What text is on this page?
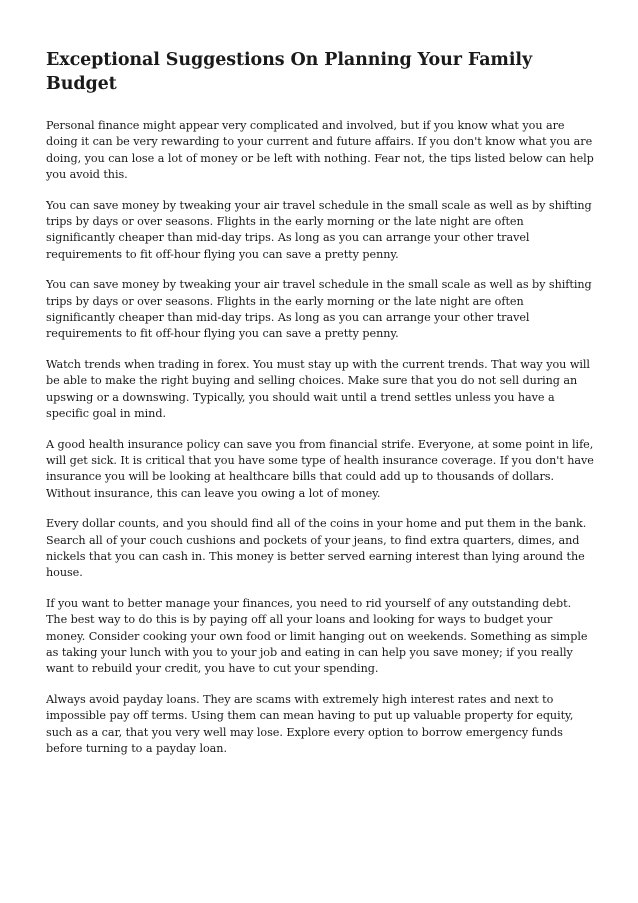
Exceptional Suggestions On Planning Your Family Budget

Personal finance might appear very complicated and involved, but if you know what you are doing it can be very rewarding to your current and future affairs. If you don't know what you are doing, you can lose a lot of money or be left with nothing. Fear not, the tips listed below can help you avoid this.

You can save money by tweaking your air travel schedule in the small scale as well as by shifting trips by days or over seasons. Flights in the early morning or the late night are often significantly cheaper than mid-day trips. As long as you can arrange your other travel requirements to fit off-hour flying you can save a pretty penny.

You can save money by tweaking your air travel schedule in the small scale as well as by shifting trips by days or over seasons. Flights in the early morning or the late night are often significantly cheaper than mid-day trips. As long as you can arrange your other travel requirements to fit off-hour flying you can save a pretty penny.

Watch trends when trading in forex. You must stay up with the current trends. That way you will be able to make the right buying and selling choices. Make sure that you do not sell during an upswing or a downswing. Typically, you should wait until a trend settles unless you have a specific goal in mind.

A good health insurance policy can save you from financial strife. Everyone, at some point in life, will get sick. It is critical that you have some type of health insurance coverage. If you don't have insurance you will be looking at healthcare bills that could add up to thousands of dollars. Without insurance, this can leave you owing a lot of money.

Every dollar counts, and you should find all of the coins in your home and put them in the bank. Search all of your couch cushions and pockets of your jeans, to find extra quarters, dimes, and nickels that you can cash in. This money is better served earning interest than lying around the house.

If you want to better manage your finances, you need to rid yourself of any outstanding debt. The best way to do this is by paying off all your loans and looking for ways to budget your money. Consider cooking your own food or limit hanging out on weekends. Something as simple as taking your lunch with you to your job and eating in can help you save money; if you really want to rebuild your credit, you have to cut your spending.

Always avoid payday loans. They are scams with extremely high interest rates and next to impossible pay off terms. Using them can mean having to put up valuable property for equity, such as a car, that you very well may lose. Explore every option to borrow emergency funds before turning to a payday loan.
